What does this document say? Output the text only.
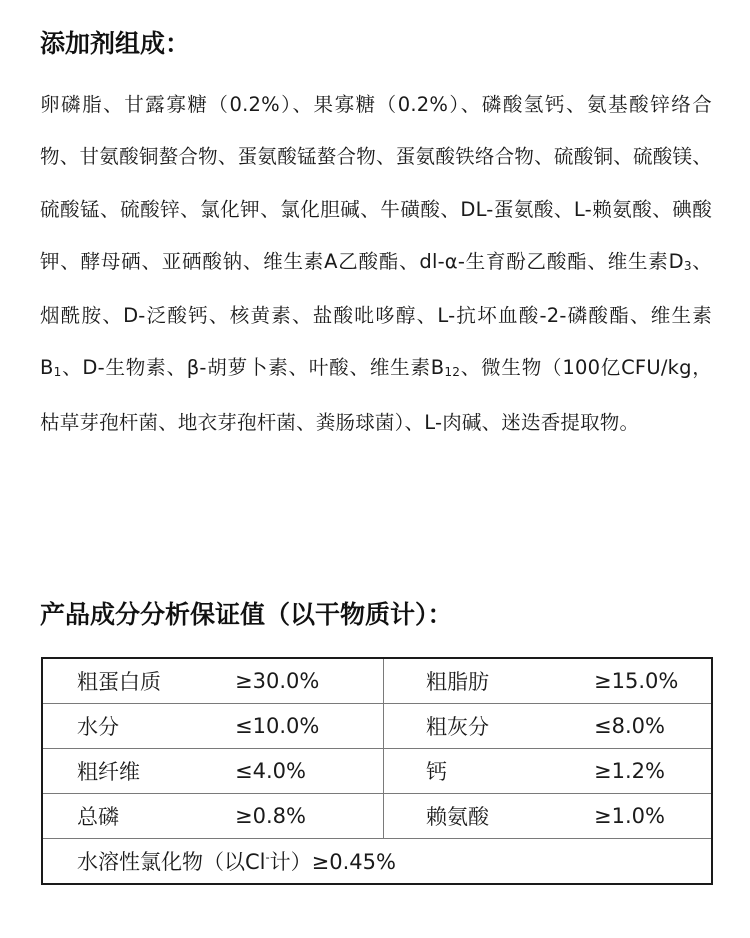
添加剂组成：

卵磷脂、甘露寡糖（0.2%）、果寡糖（0.2%）、磷酸氢钙、氨基酸锌络合物、甘氨酸铜螯合物、蛋氨酸锰螯合物、蛋氨酸铁络合物、硫酸铜、硫酸镁、硫酸锰、硫酸锌、氯化钾、氯化胆碱、牛磺酸、DL-蛋氨酸、L-赖氨酸、碘酸钾、酵母硒、亚硒酸钠、维生素A乙酸酯、dl-α-生育酚乙酸酯、维生素$D_3$、烟酰胺、D-泛酸钙、核黄素、盐酸吡哆醇、L-抗坏血酸-2-磷酸酯、维生素$B_1$、D-生物素、β-胡萝卜素、叶酸、维生素$B_{12}$、微生物（100亿CFU/kg，枯草芽孢杆菌、地衣芽孢杆菌、粪肠球菌）、L-肉碱、迷迭香提取物。

产品成分分析保证值（以干物质计）：
粗蛋白质	≥30.0%	粗脂肪	≥15.0%
水分	≤10.0%	粗灰分	≤8.0%
粗纤维	≤4.0%	钙	≥1.2%
总磷	≥0.8%	赖氨酸	≥1.0%
水溶性氯化物（以Cl-计）≥0.45%			
